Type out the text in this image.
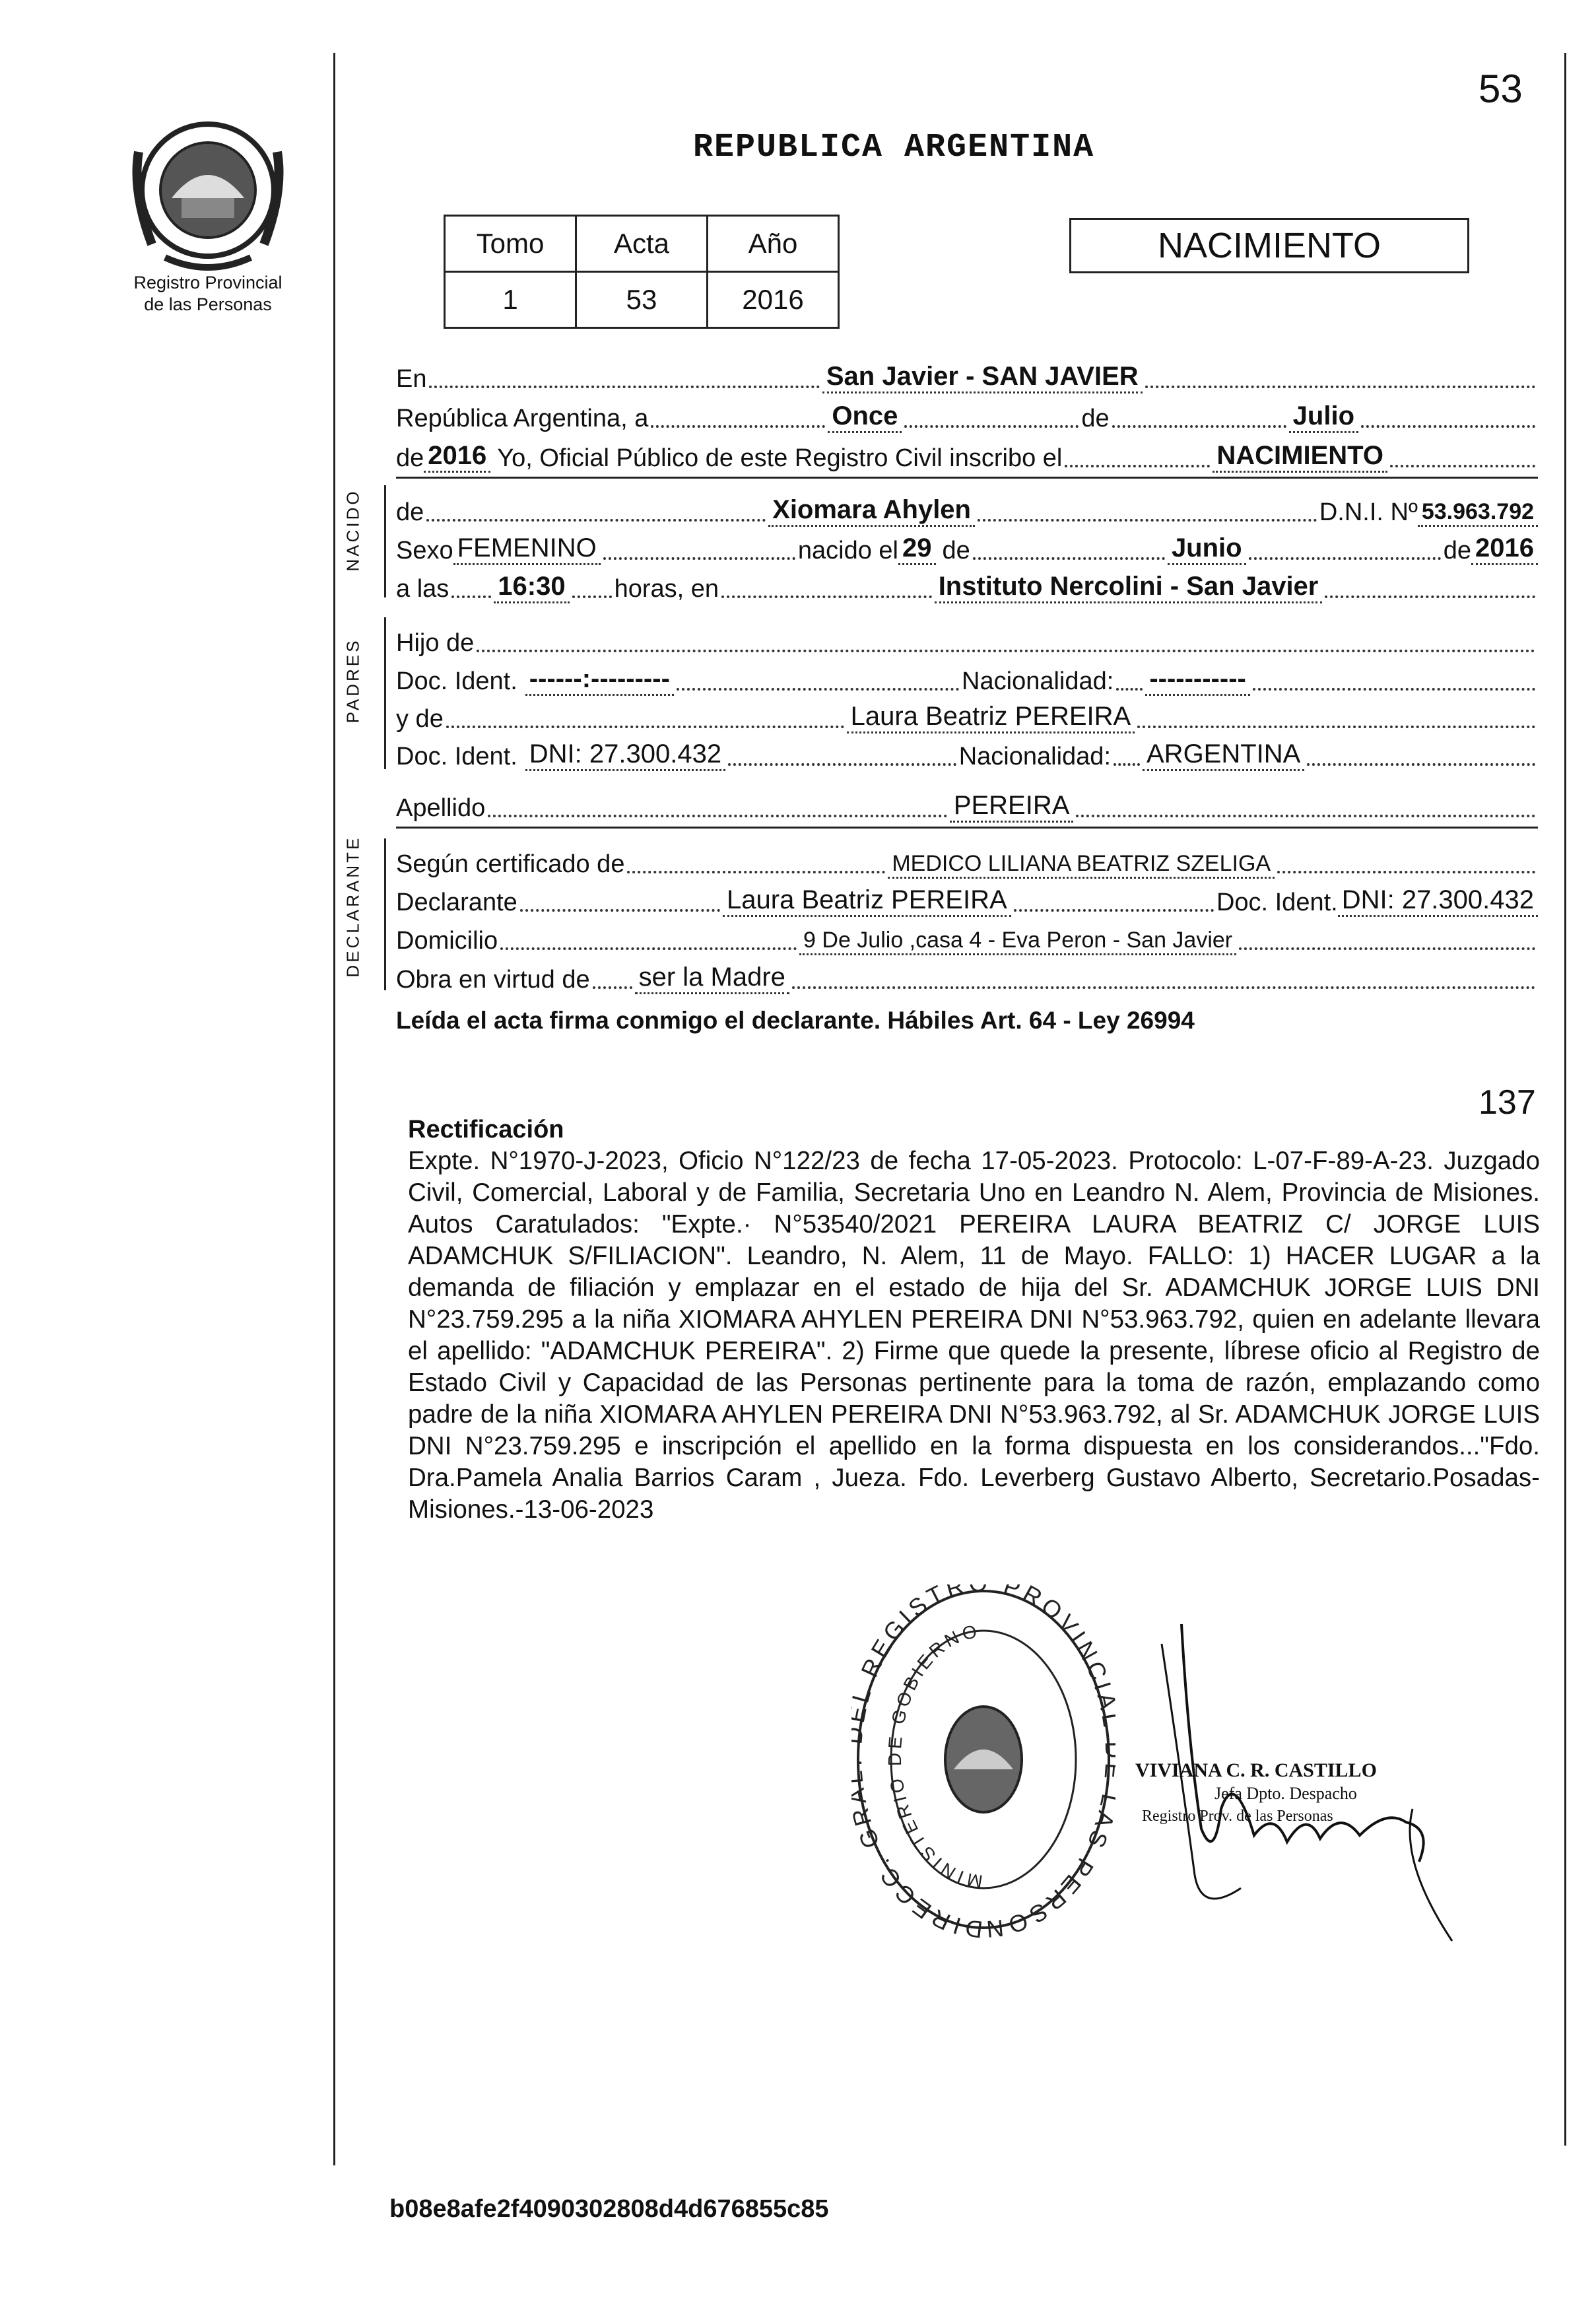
53
Registro Provincial
de las Personas
REPUBLICA ARGENTINA
Tomo	Acta	Año
1	53	2016
NACIMIENTO
En	San Javier - SAN JAVIER
República Argentina, a	Once	de	Julio
de 2016 Yo, Oficial Público de este Registro Civil inscribo el	NACIMIENTO
NACIDO de	Xiomara Ahylen	D.N.I. Nº 53.963.792
Sexo FEMENINO	nacido el 29 de	Junio	de 2016
a las 16:30 horas, en	Instituto Nercolini - San Javier
PADRES Hijo de
Doc. Ident. ------:---------	Nacionalidad: -----------
y de	Laura Beatriz PEREIRA
Doc. Ident. DNI: 27.300.432	Nacionalidad: ARGENTINA
Apellido	PEREIRA
DECLARANTE Según certificado de	MEDICO LILIANA BEATRIZ SZELIGA
Declarante	Laura Beatriz PEREIRA	Doc. Ident. DNI: 27.300.432
Domicilio	9 De Julio ,casa 4 - Eva Peron - San Javier
Obra en virtud de ser la Madre
Leída el acta firma conmigo el declarante. Hábiles Art. 64 - Ley 26994
137
Rectificación
Expte. N°1970-J-2023, Oficio N°122/23 de fecha 17-05-2023. Protocolo: L-07-F-89-A-23. Juzgado Civil, Comercial, Laboral y de Familia, Secretaria Uno en Leandro N. Alem, Provincia de Misiones. Autos Caratulados: "Expte.· N°53540/2021 PEREIRA LAURA BEATRIZ C/ JORGE LUIS ADAMCHUK S/FILIACION". Leandro, N. Alem, 11 de Mayo. FALLO: 1) HACER LUGAR a la demanda de filiación y emplazar en el estado de hija del Sr. ADAMCHUK JORGE LUIS DNI N°23.759.295 a la niña XIOMARA AHYLEN PEREIRA DNI N°53.963.792, quien en adelante llevara el apellido: "ADAMCHUK PEREIRA". 2) Firme que quede la presente, líbrese oficio al Registro de Estado Civil y Capacidad de las Personas pertinente para la toma de razón, emplazando como padre de la niña XIOMARA AHYLEN PEREIRA DNI N°53.963.792, al Sr. ADAMCHUK JORGE LUIS DNI N°23.759.295 e inscripción el apellido en la forma dispuesta en los considerandos..."Fdo. Dra.Pamela Analia Barrios Caram , Jueza. Fdo. Leverberg Gustavo Alberto, Secretario.Posadas-Misiones.-13-06-2023
DIRECC. G REGISTR PROVINCI S PERSON
MINISTERIO DE GOBIERNO
VIVIANA C. R. CASTILLO
Jefa Dpto. Despacho
Registro Prov. de las Personas
b08e8afe2f4090302808d4d676855c85
